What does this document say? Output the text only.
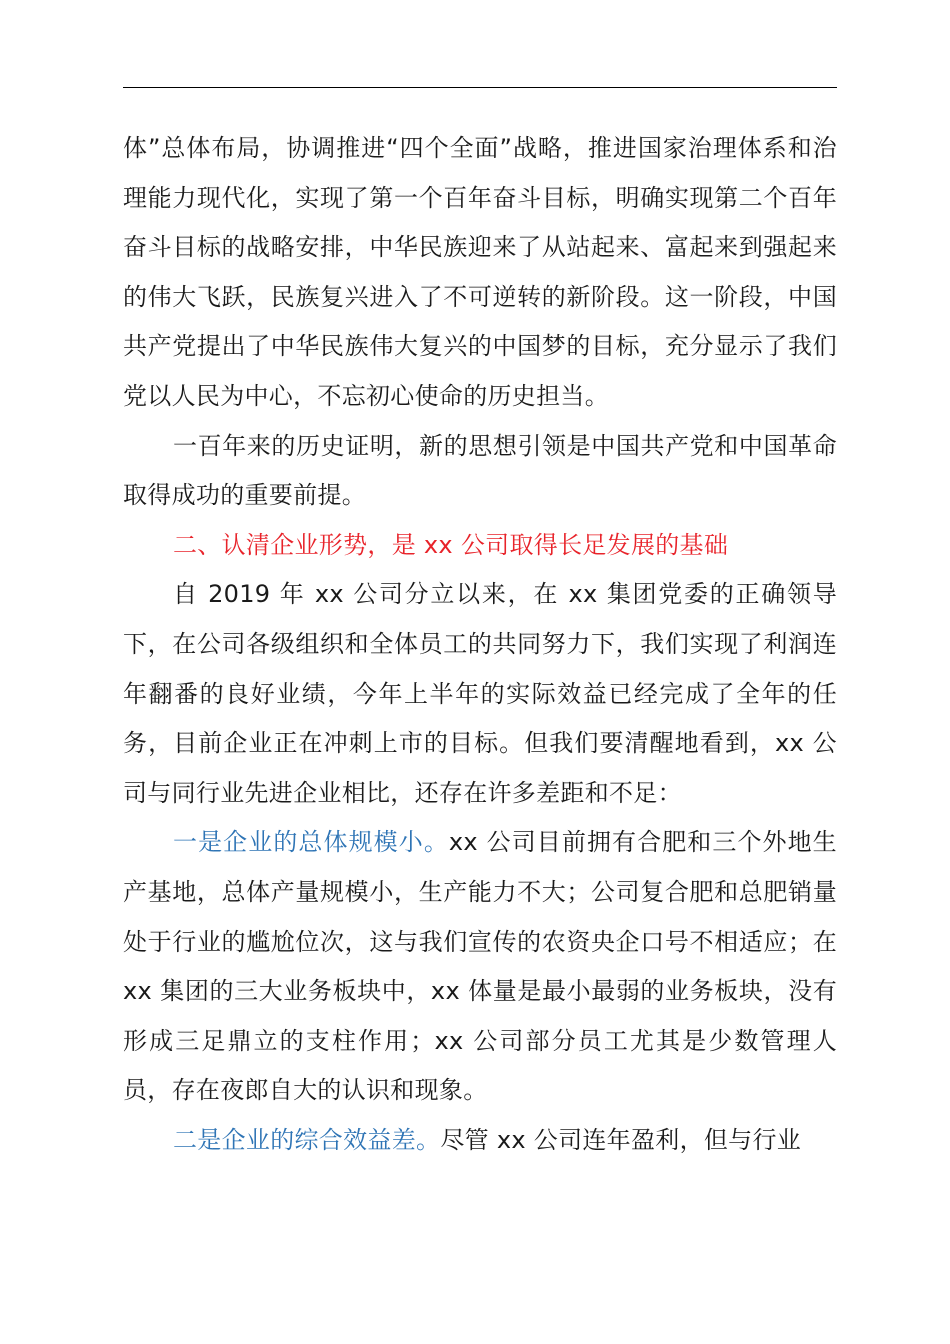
体”总体布局，协调推进“四个全面”战略，推进国家治理体系和治理能力现代化，实现了第一个百年奋斗目标，明确实现第二个百年奋斗目标的战略安排，中华民族迎来了从站起来、富起来到强起来的伟大飞跃，民族复兴进入了不可逆转的新阶段。这一阶段，中国共产党提出了中华民族伟大复兴的中国梦的目标，充分显示了我们党以人民为中心，不忘初心使命的历史担当。

一百年来的历史证明，新的思想引领是中国共产党和中国革命取得成功的重要前提。

二、认清企业形势，是 xx 公司取得长足发展的基础

自 2019 年 xx 公司分立以来，在 xx 集团党委的正确领导下，在公司各级组织和全体员工的共同努力下，我们实现了利润连年翻番的良好业绩，今年上半年的实际效益已经完成了全年的任务，目前企业正在冲刺上市的目标。但我们要清醒地看到，xx 公司与同行业先进企业相比，还存在许多差距和不足：

一是企业的总体规模小。xx 公司目前拥有合肥和三个外地生产基地，总体产量规模小，生产能力不大；公司复合肥和总肥销量处于行业的尴尬位次，这与我们宣传的农资央企口号不相适应；在 xx 集团的三大业务板块中，xx 体量是最小最弱的业务板块，没有形成三足鼎立的支柱作用；xx 公司部分员工尤其是少数管理人员，存在夜郎自大的认识和现象。

二是企业的综合效益差。尽管 xx 公司连年盈利，但与行业
